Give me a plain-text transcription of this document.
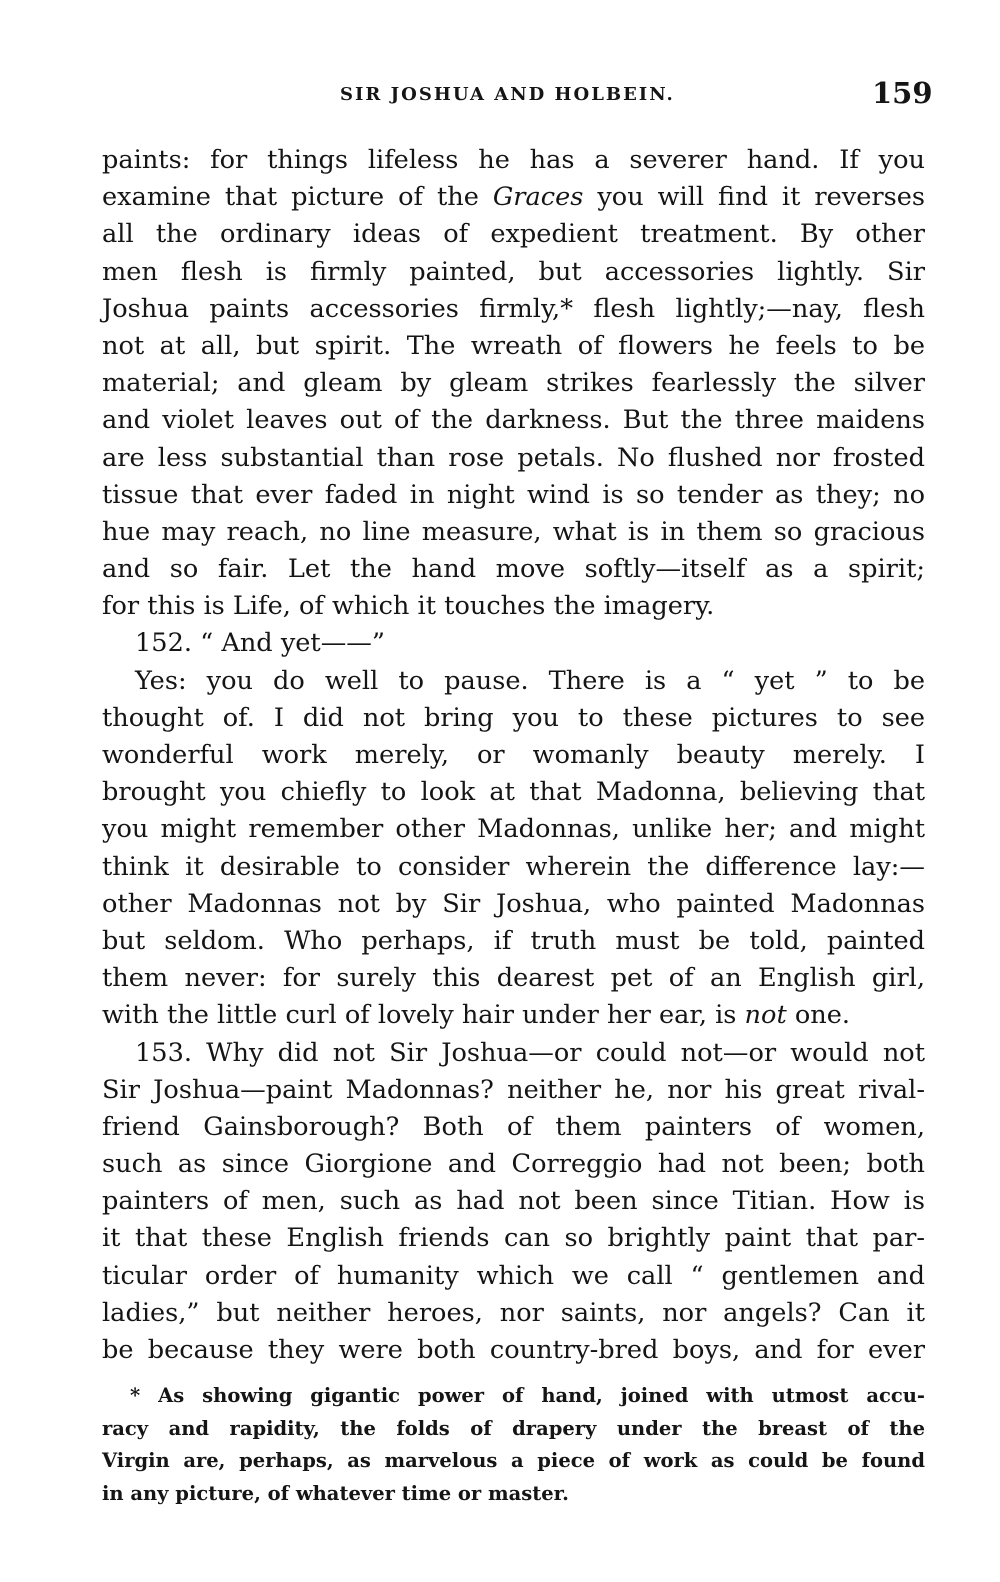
SIR JOSHUA AND HOLBEIN.	159
paints: for things lifeless he has a severer hand. If you
examine that picture of the Graces you will find it reverses
all the ordinary ideas of expedient treatment. By other
men flesh is firmly painted, but accessories lightly. Sir
Joshua paints accessories firmly,* flesh lightly;—nay, flesh
not at all, but spirit. The wreath of flowers he feels to be
material; and gleam by gleam strikes fearlessly the silver
and violet leaves out of the darkness. But the three maidens
are less substantial than rose petals. No flushed nor frosted
tissue that ever faded in night wind is so tender as they; no
hue may reach, no line measure, what is in them so gracious
and so fair. Let the hand move softly—itself as a spirit;
for this is Life, of which it touches the imagery.
152. “ And yet——”
Yes: you do well to pause. There is a “ yet ” to be
thought of. I did not bring you to these pictures to see
wonderful work merely, or womanly beauty merely. I
brought you chiefly to look at that Madonna, believing that
you might remember other Madonnas, unlike her; and might
think it desirable to consider wherein the difference lay:—
other Madonnas not by Sir Joshua, who painted Madonnas
but seldom. Who perhaps, if truth must be told, painted
them never: for surely this dearest pet of an English girl,
with the little curl of lovely hair under her ear, is not one.
153. Why did not Sir Joshua—or could not—or would not
Sir Joshua—paint Madonnas? neither he, nor his great rival-
friend Gainsborough? Both of them painters of women,
such as since Giorgione and Correggio had not been; both
painters of men, such as had not been since Titian. How is
it that these English friends can so brightly paint that par-
ticular order of humanity which we call “ gentlemen and
ladies,” but neither heroes, nor saints, nor angels? Can it
be because they were both country-bred boys, and for ever
* As showing gigantic power of hand, joined with utmost accu-
racy and rapidity, the folds of drapery under the breast of the
Virgin are, perhaps, as marvelous a piece of work as could be found
in any picture, of whatever time or master.
